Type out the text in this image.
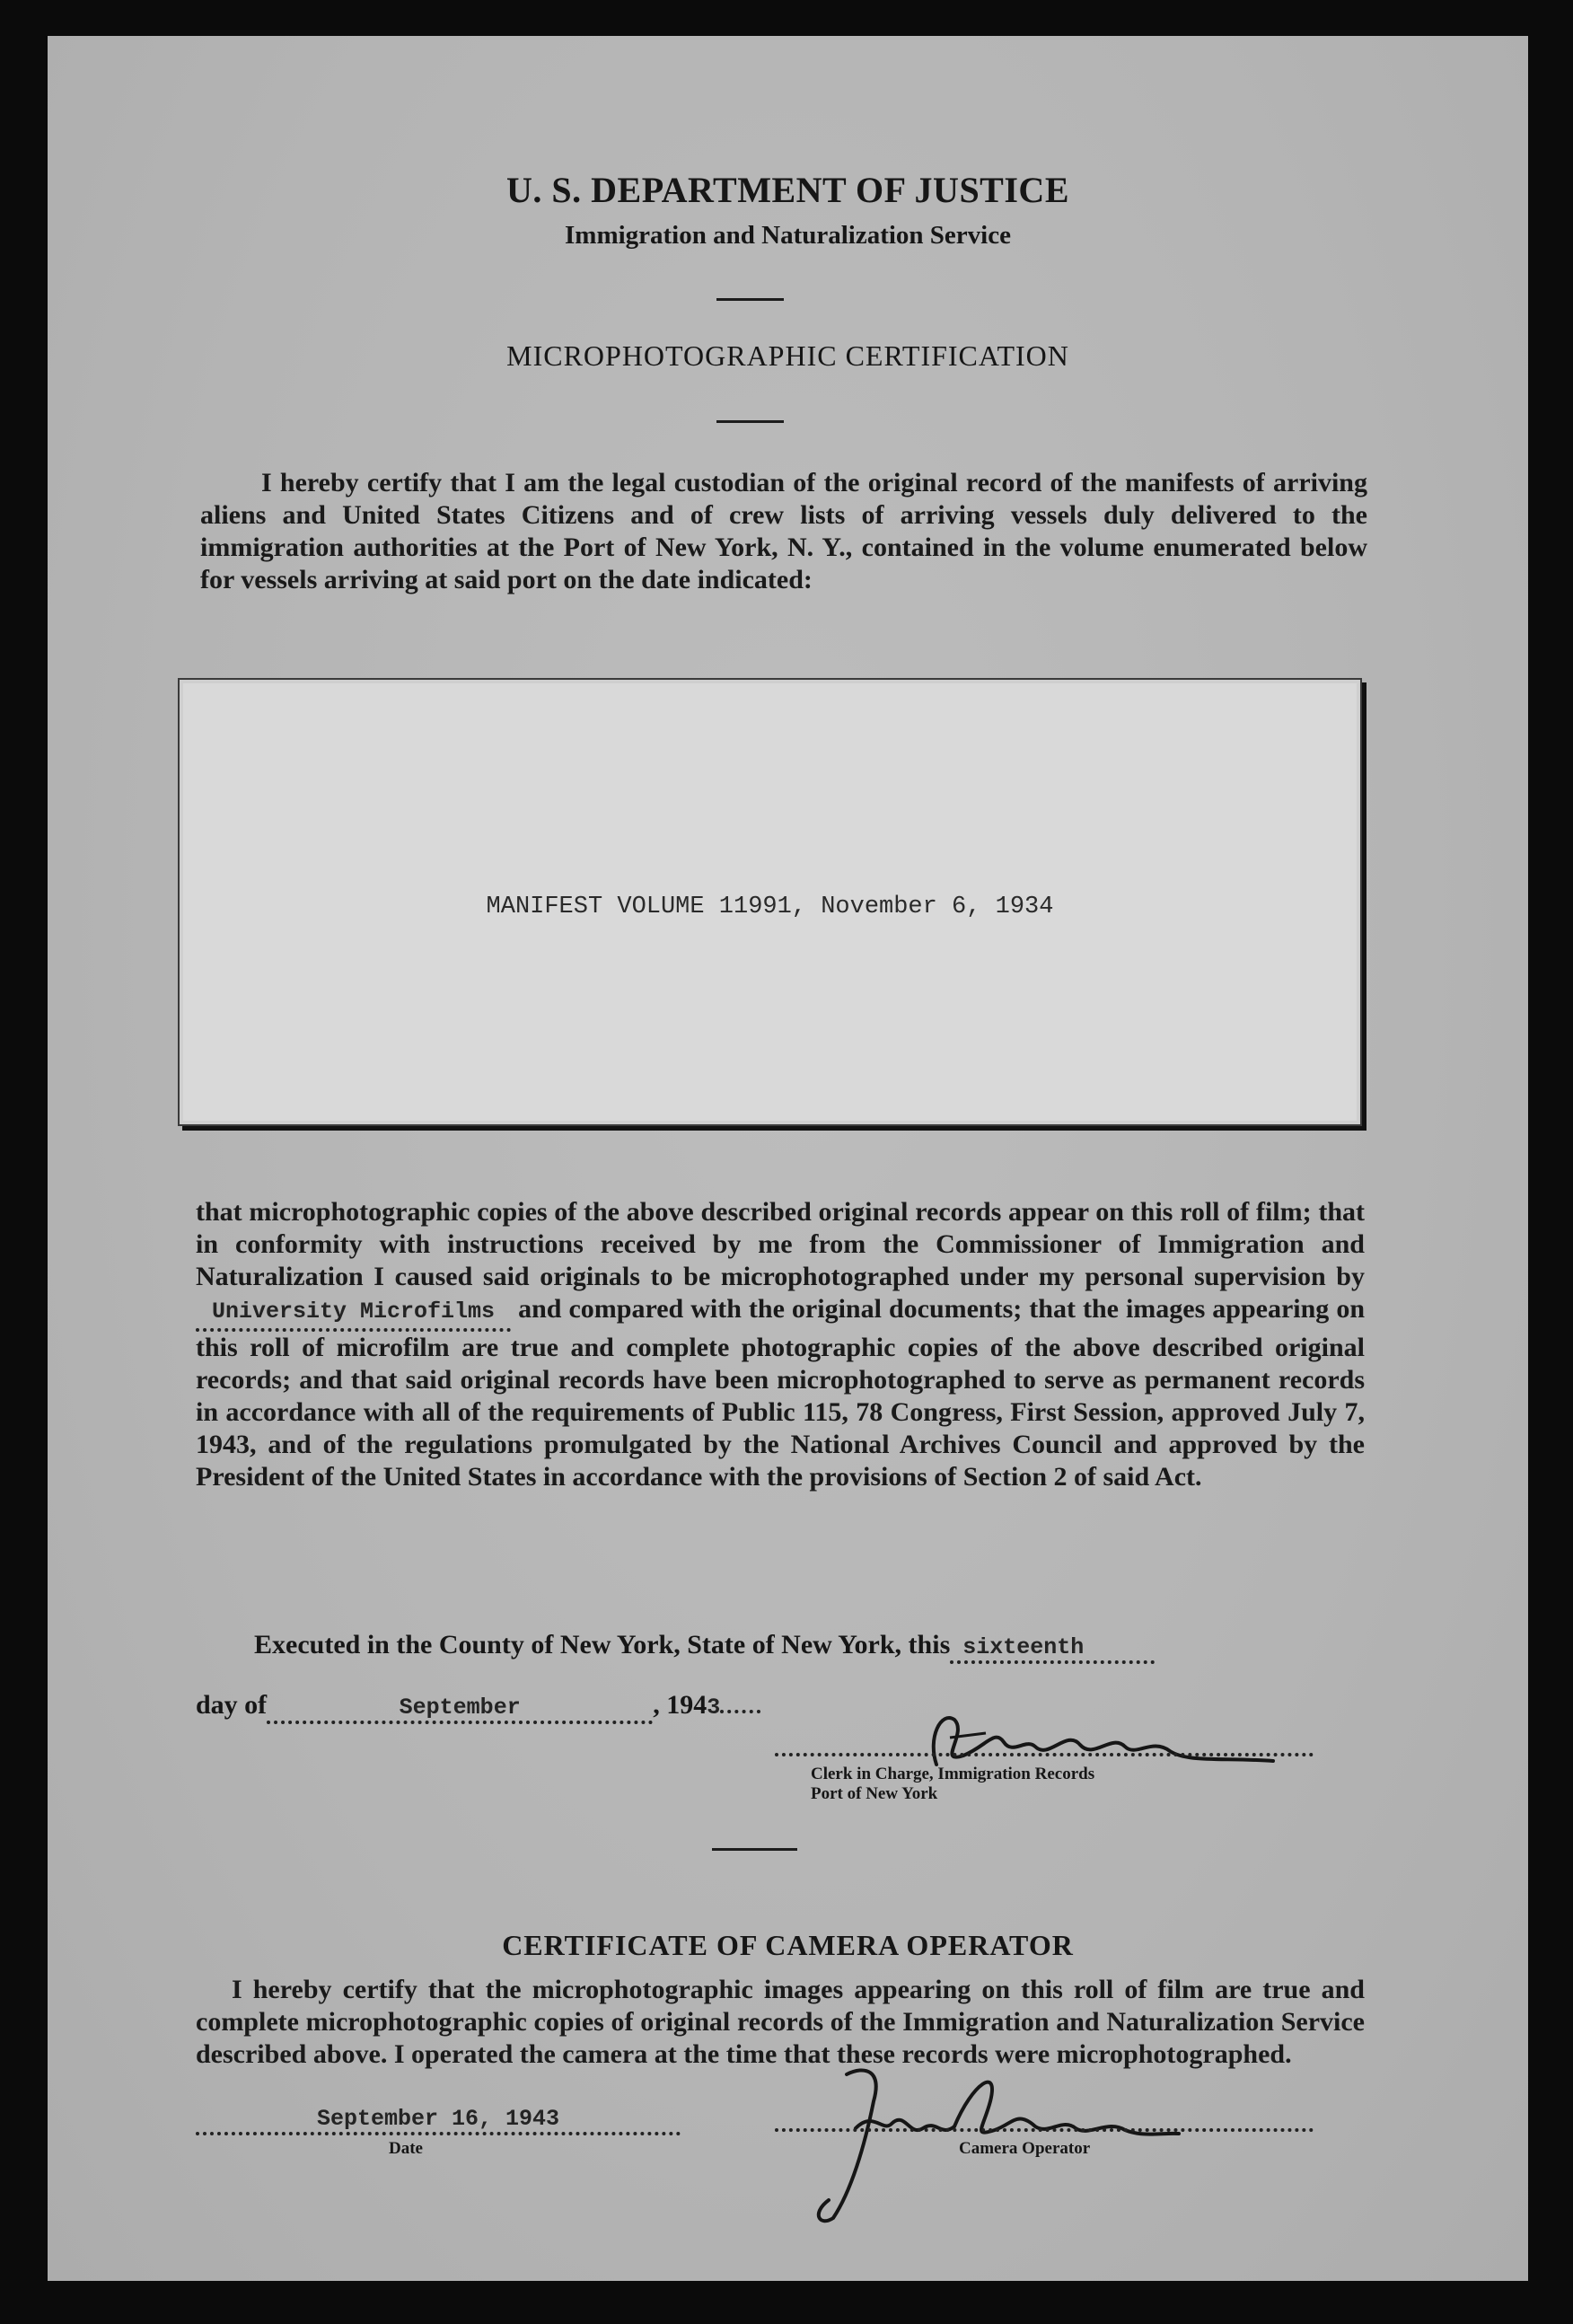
U. S. DEPARTMENT OF JUSTICE
Immigration and Naturalization Service
MICROPHOTOGRAPHIC CERTIFICATION
I hereby certify that I am the legal custodian of the original record of the manifests of arriving aliens and United States Citizens and of crew lists of arriving vessels duly delivered to the immigration authorities at the Port of New York, N. Y., contained in the volume enumerated below for vessels arriving at said port on the date indicated:
MANIFEST VOLUME 11991, November 6, 1934
that microphotographic copies of the above described original records appear on this roll of film; that in conformity with instructions received by me from the Commissioner of Immigration and Naturalization I caused said originals to be microphotographed under my personal supervision by University Microfilms and compared with the original documents; that the images appearing on this roll of microfilm are true and complete photographic copies of the above described original records; and that said original records have been microphotographed to serve as permanent records in accordance with all of the requirements of Public 115, 78 Congress, First Session, approved July 7, 1943, and of the regulations promulgated by the National Archives Council and approved by the President of the United States in accordance with the provisions of Section 2 of said Act.
Executed in the County of New York, State of New York, this sixteenth
day of	September	, 1943
Clerk in Charge, Immigration Records
Port of New York
CERTIFICATE OF CAMERA OPERATOR
I hereby certify that the microphotographic images appearing on this roll of film are true and complete microphotographic copies of original records of the Immigration and Naturalization Service described above. I operated the camera at the time that these records were microphotographed.
September 16, 1943
Date	Camera Operator
